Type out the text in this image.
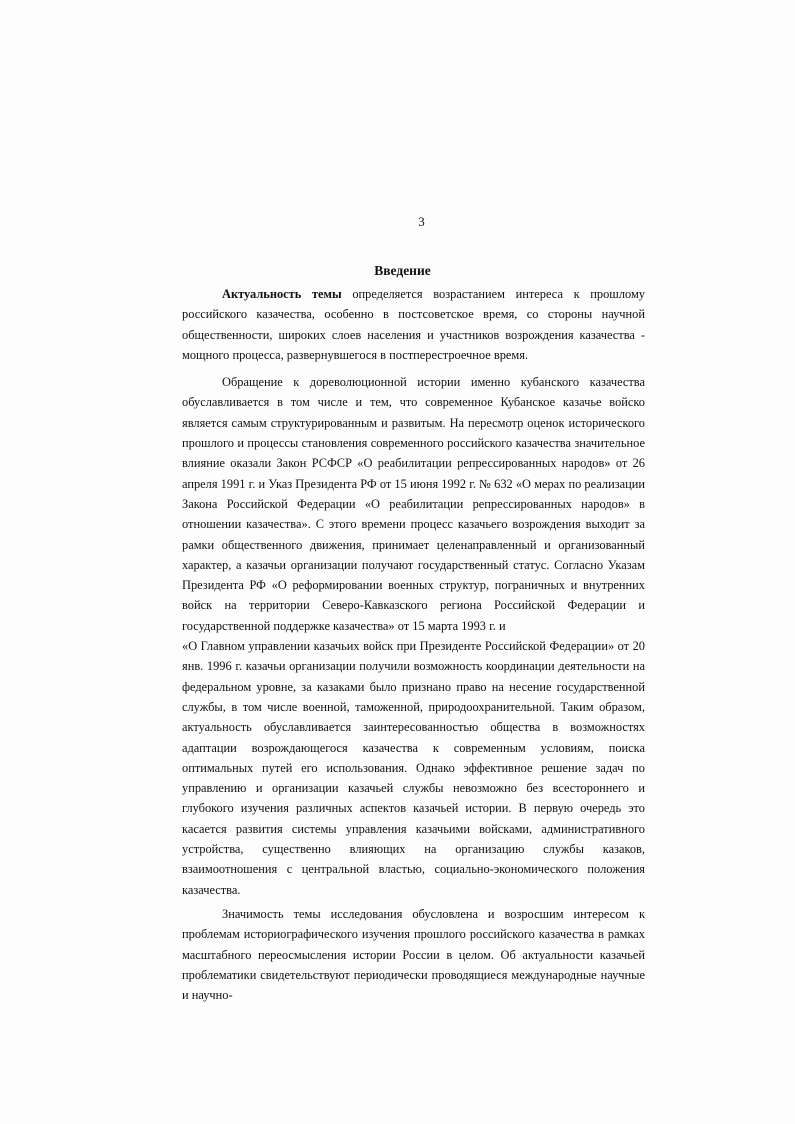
3
Введение

Актуальность темы определяется возрастанием интереса к прошлому российского казачества, особенно в постсоветское время, со стороны научной общественности, широких слоев населения и участников возрождения казачества - мощного процесса, развернувшегося в постперестроечное время.

Обращение к дореволюционной истории именно кубанского казачества обуславливается в том числе и тем, что современное Кубанское казачье войско является самым структурированным и развитым. На пересмотр оценок исторического прошлого и процессы становления современного российского казачества значительное влияние оказали Закон РСФСР «О реабилитации репрессированных народов» от 26 апреля 1991 г. и Указ Президента РФ от 15 июня 1992 г. № 632 «О мерах по реализации Закона Российской Федерации «О реабилитации репрессированных народов» в отношении казачества». С этого времени процесс казачьего возрождения выходит за рамки общественного движения, принимает целенаправленный и организованный характер, а казачьи организации получают государственный статус. Согласно Указам Президента РФ «О реформировании военных структур, пограничных и внутренних войск на территории Северо-Кавказского региона Российской Федерации и государственной поддержке казачества» от 15 марта 1993 г. и

«О Главном управлении казачьих войск при Президенте Российской Федерации» от 20 янв. 1996 г. казачьи организации получили возможность координации деятельности на федеральном уровне, за казаками было признано право на несение государственной службы, в том числе военной, таможенной, природоохранительной. Таким образом, актуальность обуславливается заинтересованностью общества в возможностях адаптации возрождающегося казачества к современным условиям, поиска оптимальных путей его использования. Однако эффективное решение задач по управлению и организации казачьей службы невозможно без всестороннего и глубокого изучения различных аспектов казачьей истории. В первую очередь это касается развития системы управления казачьими войсками, административного устройства, существенно влияющих на организацию службы казаков, взаимоотношения с центральной властью, социально-экономического положения казачества.

Значимость темы исследования обусловлена и возросшим интересом к проблемам историографического изучения прошлого российского казачества в рамках масштабного переосмысления истории России в целом. Об актуальности казачьей проблематики свидетельствуют периодически проводящиеся международные научные и научно-
